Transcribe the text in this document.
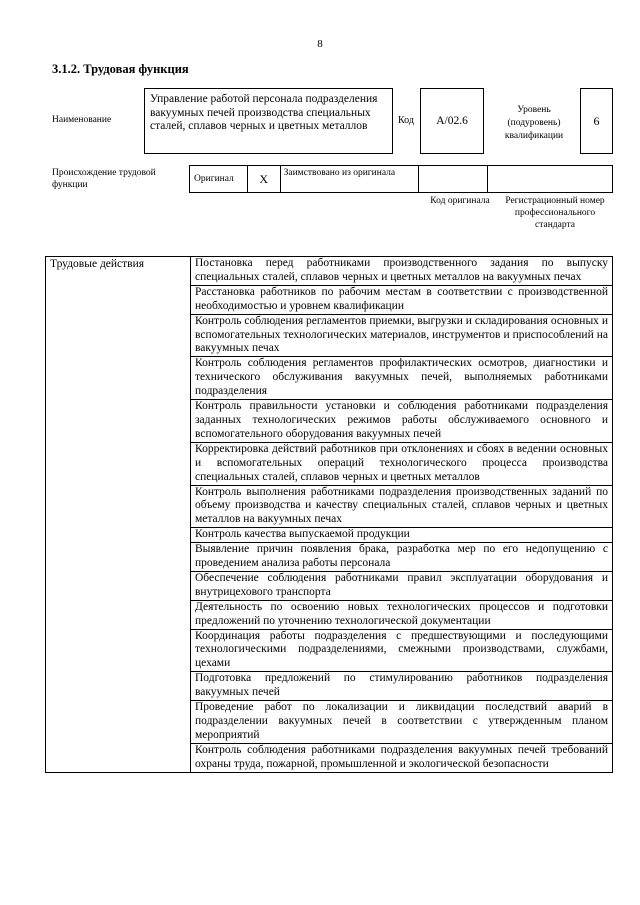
8
3.1.2. Трудовая функция
Наименование
Управление работой персонала подразделения вакуумных печей производства специальных сталей, сплавов черных и цветных металлов	Код	A/02.6
Уровень (подуровень) квалификации
6
Происхождение трудовой функции
Оригинал	X	Заимствовано из оригинала
Код оригинала	Регистрационный номер профессионального стандарта
Трудовые действия	Постановка перед работниками производственного задания по выпуску специальных сталей, сплавов черных и цветных металлов на вакуумных печах
Расстановка работников по рабочим местам в соответствии с производственной необходимостью и уровнем квалификации
Контроль соблюдения регламентов приемки, выгрузки и складирования основных и вспомогательных технологических материалов, инструментов и приспособлений на вакуумных печах
Контроль соблюдения регламентов профилактических осмотров, диагностики и технического обслуживания вакуумных печей, выполняемых работниками подразделения
Контроль правильности установки и соблюдения работниками подразделения заданных технологических режимов работы обслуживаемого основного и вспомогательного оборудования вакуумных печей
Корректировка действий работников при отклонениях и сбоях в ведении основных и вспомогательных операций технологического процесса производства специальных сталей, сплавов черных и цветных металлов
Контроль выполнения работниками подразделения производственных заданий по объему производства и качеству специальных сталей, сплавов черных и цветных металлов на вакуумных печах
Контроль качества выпускаемой продукции
Выявление причин появления брака, разработка мер по его недопущению с проведением анализа работы персонала
Обеспечение соблюдения работниками правил эксплуатации оборудования и внутрицехового транспорта
Деятельность по освоению новых технологических процессов и подготовки предложений по уточнению технологической документации
Координация работы подразделения с предшествующими и последующими технологическими подразделениями, смежными производствами, службами, цехами
Подготовка предложений по стимулированию работников подразделения вакуумных печей
Проведение работ по локализации и ликвидации последствий аварий в подразделении вакуумных печей в соответствии с утвержденным планом мероприятий
Контроль соблюдения работниками подразделения вакуумных печей требований охраны труда, пожарной, промышленной и экологической безопасности
